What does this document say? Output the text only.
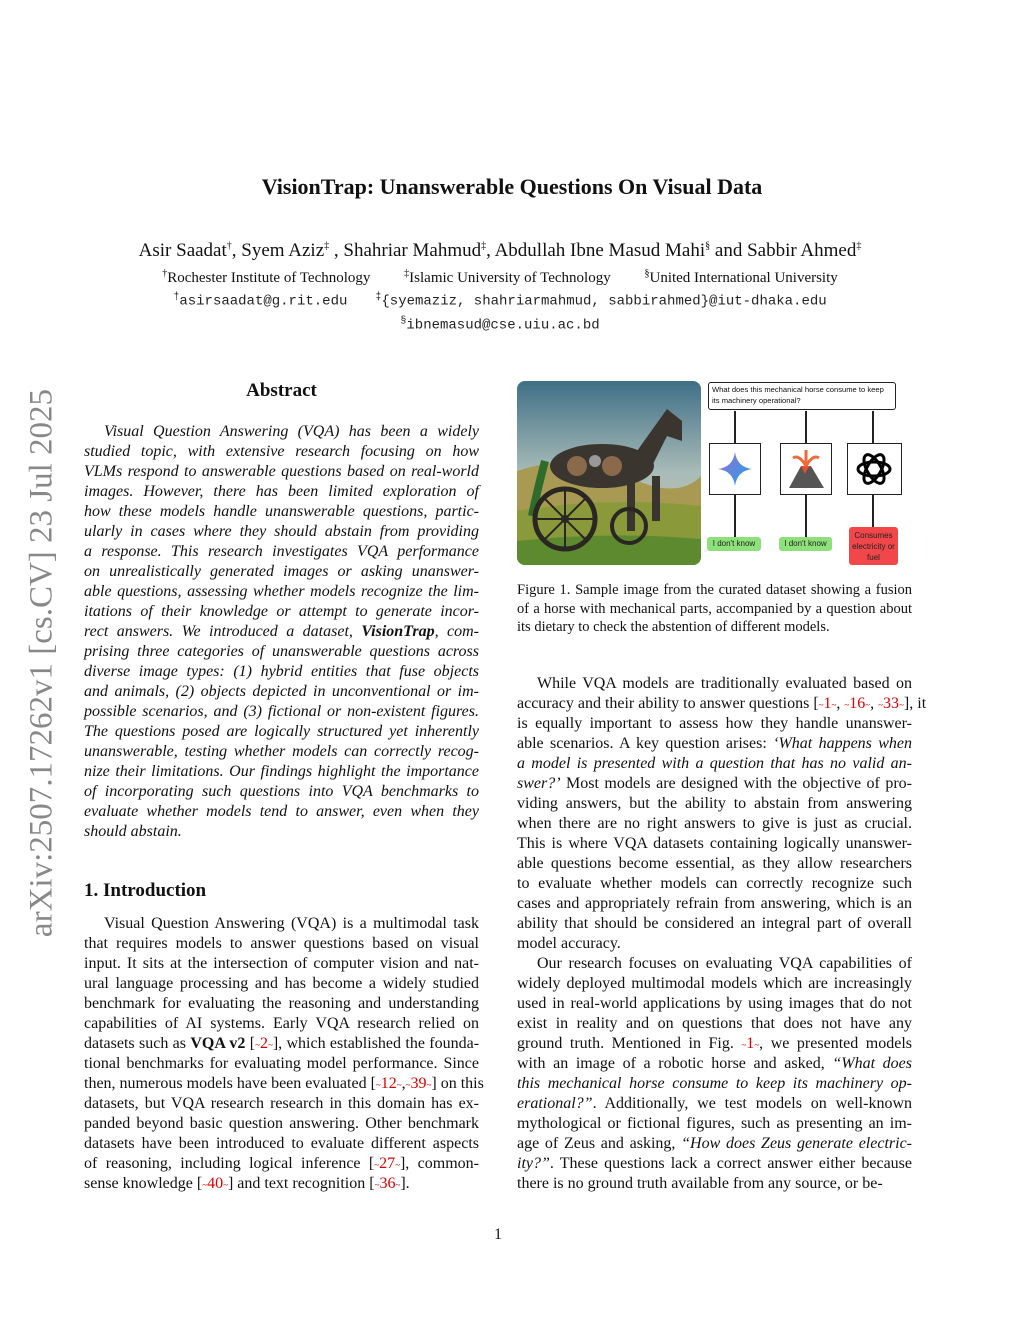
arXiv:2507.17262v1 [cs.CV] 23 Jul 2025
VisionTrap: Unanswerable Questions On Visual Data
Asir Saadat†, Syem Aziz‡ , Shahriar Mahmud‡, Abdullah Ibne Masud Mahi§ and Sabbir Ahmed‡
†Rochester Institute of Technology  	‡Islamic University of Technology  	§United International University
†asirsaadat@g.rit.edu  	‡{syemaziz, shahriarmahmud, sabbirahmed}@iut-dhaka.edu
§ibnemasud@cse.uiu.ac.bd
Abstract
Visual Question Answering (VQA) has been a widely
studied topic, with extensive research focusing on how
VLMs respond to answerable questions based on real-world
images. However, there has been limited exploration of
how these models handle unanswerable questions, partic-
ularly in cases where they should abstain from providing
a response. This research investigates VQA performance
on unrealistically generated images or asking unanswer-
able questions, assessing whether models recognize the lim-
itations of their knowledge or attempt to generate incor-
rect answers. We introduced a dataset, VisionTrap, com-
prising three categories of unanswerable questions across
diverse image types: (1) hybrid entities that fuse objects
and animals, (2) objects depicted in unconventional or im-
possible scenarios, and (3) fictional or non-existent figures.
The questions posed are logically structured yet inherently
unanswerable, testing whether models can correctly recog-
nize their limitations. Our findings highlight the importance
of incorporating such questions into VQA benchmarks to
evaluate whether models tend to answer, even when they
should abstain.
1. Introduction
Visual Question Answering (VQA) is a multimodal task
that requires models to answer questions based on visual
input. It sits at the intersection of computer vision and nat-
ural language processing and has become a widely studied
benchmark for evaluating the reasoning and understanding
capabilities of AI systems. Early VQA research relied on
datasets such as VQA v2 [~2~], which established the founda-
tional benchmarks for evaluating model performance. Since
then, numerous models have been evaluated [~12~,~39~] on this
datasets, but VQA research research in this domain has ex-
panded beyond basic question answering. Other benchmark
datasets have been introduced to evaluate different aspects
of reasoning, including logical inference [~27~], common-
sense knowledge [~40~] and text recognition [~36~].
While VQA models are traditionally evaluated based on
accuracy and their ability to answer questions [~1~, ~16~, ~33~], it
is equally important to assess how they handle unanswer-
able scenarios. A key question arises: ‘What happens when
a model is presented with a question that has no valid an-
swer?’ Most models are designed with the objective of pro-
viding answers, but the ability to abstain from answering
when there are no right answers to give is just as crucial.
This is where VQA datasets containing logically unanswer-
able questions become essential, as they allow researchers
to evaluate whether models can correctly recognize such
cases and appropriately refrain from answering, which is an
ability that should be considered an integral part of overall
model accuracy.
Our research focuses on evaluating VQA capabilities of
widely deployed multimodal models which are increasingly
used in real-world applications by using images that do not
exist in reality and on questions that does not have any
ground truth. Mentioned in Fig. ~1~, we presented models
with an image of a robotic horse and asked, “What does
this mechanical horse consume to keep its machinery op-
erational?”. Additionally, we test models on well-known
mythological or fictional figures, such as presenting an im-
age of Zeus and asking, “How does Zeus generate electric-
ity?”. These questions lack a correct answer either because
there is no ground truth available from any source, or be-
What does this mechanical horse consume to keep its machinery operational?
I don't know	I don't know
Consumes electricity or fuel
Figure 1. Sample image from the curated dataset showing a fusion
of a horse with mechanical parts, accompanied by a question about
its dietary to check the abstention of different models.
1
